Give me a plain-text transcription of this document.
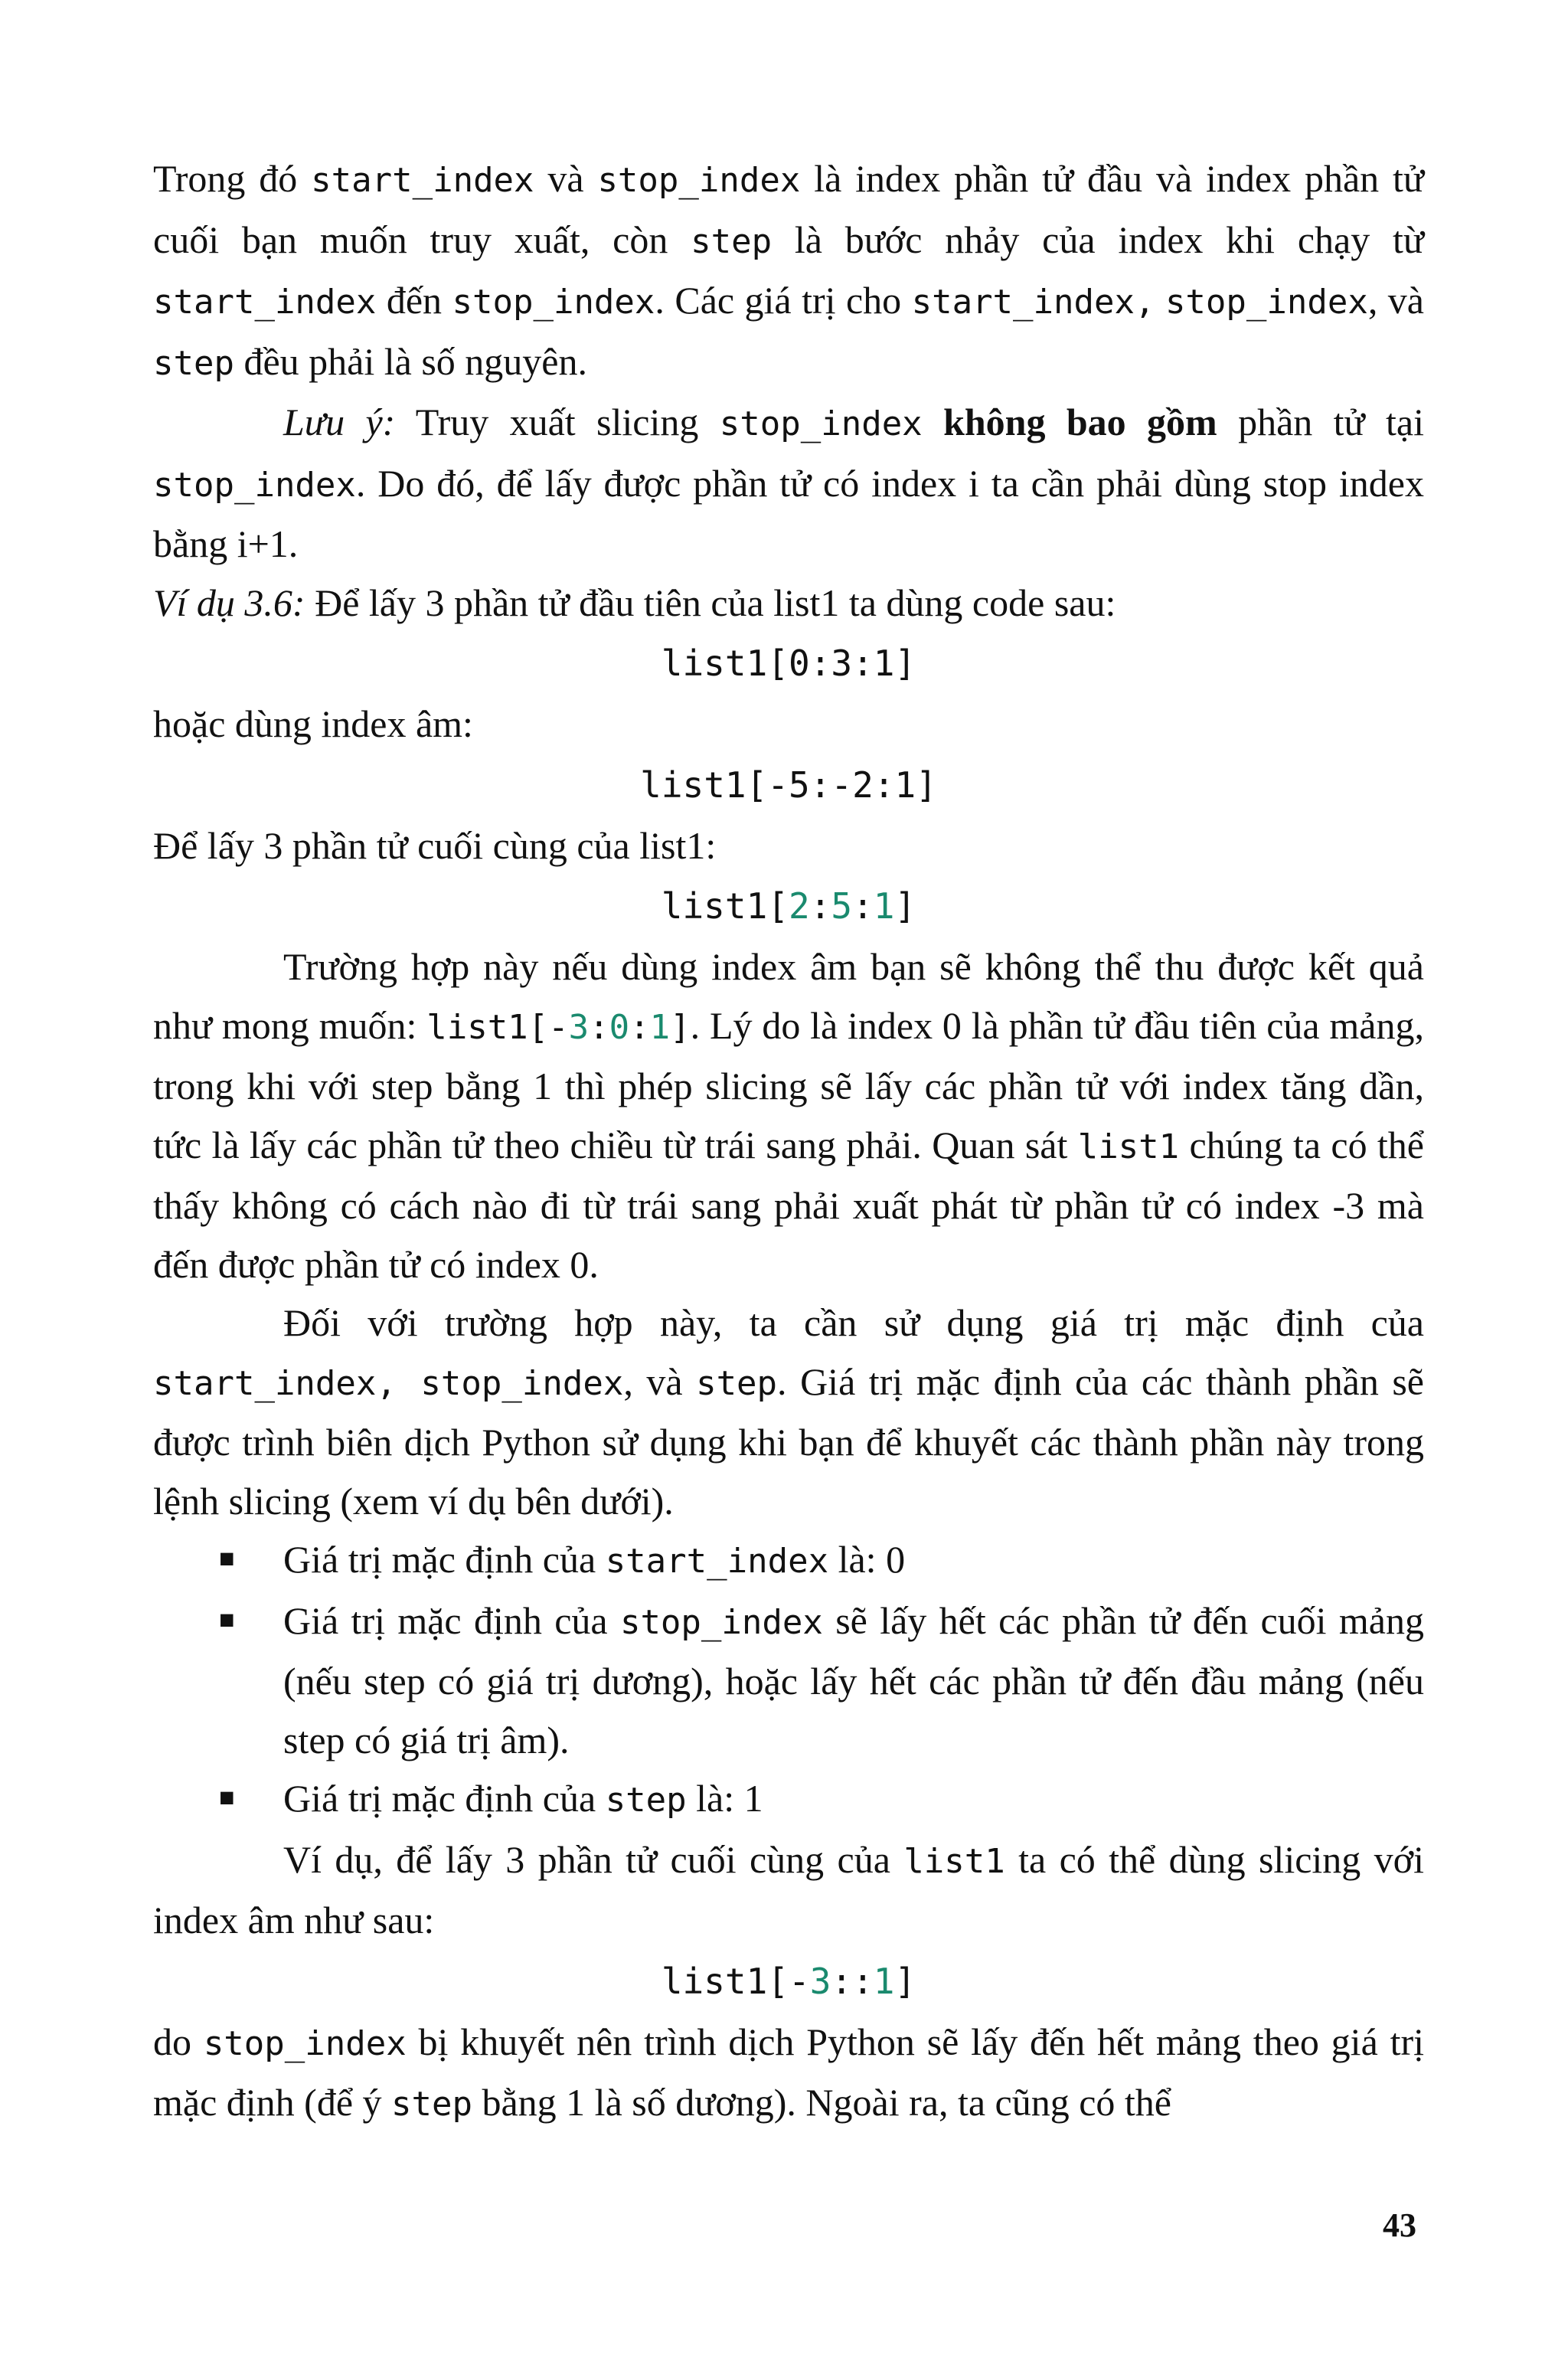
Trong đó start_index và stop_index là index phần tử đầu và index phần tử cuối bạn muốn truy xuất, còn step là bước nhảy của index khi chạy từ start_index đến stop_index. Các giá trị cho start_index, stop_index, và step đều phải là số nguyên.

Lưu ý: Truy xuất slicing stop_index không bao gồm phần tử tại stop_index. Do đó, để lấy được phần tử có index i ta cần phải dùng stop index bằng i+1.

Ví dụ 3.6: Để lấy 3 phần tử đầu tiên của list1 ta dùng code sau:

list1[0:3:1]

hoặc dùng index âm:

list1[-5:-2:1]

Để lấy 3 phần tử cuối cùng của list1:

list1[2:5:1]

Trường hợp này nếu dùng index âm bạn sẽ không thể thu được kết quả như mong muốn: list1[-3:0:1]. Lý do là index 0 là phần tử đầu tiên của mảng, trong khi với step bằng 1 thì phép slicing sẽ lấy các phần tử với index tăng dần, tức là lấy các phần tử theo chiều từ trái sang phải. Quan sát list1 chúng ta có thể thấy không có cách nào đi từ trái sang phải xuất phát từ phần tử có index -3 mà đến được phần tử có index 0.

Đối với trường hợp này, ta cần sử dụng giá trị mặc định của start_index, stop_index, và step. Giá trị mặc định của các thành phần sẽ được trình biên dịch Python sử dụng khi bạn để khuyết các thành phần này trong lệnh slicing (xem ví dụ bên dưới).

■ Giá trị mặc định của start_index là: 0
■ Giá trị mặc định của stop_index sẽ lấy hết các phần tử đến cuối mảng (nếu step có giá trị dương), hoặc lấy hết các phần tử đến đầu mảng (nếu step có giá trị âm).
■ Giá trị mặc định của step là: 1

Ví dụ, để lấy 3 phần tử cuối cùng của list1 ta có thể dùng slicing với index âm như sau:

list1[-3::1]

do stop_index bị khuyết nên trình dịch Python sẽ lấy đến hết mảng theo giá trị mặc định (để ý step bằng 1 là số dương). Ngoài ra, ta cũng có thể

43
